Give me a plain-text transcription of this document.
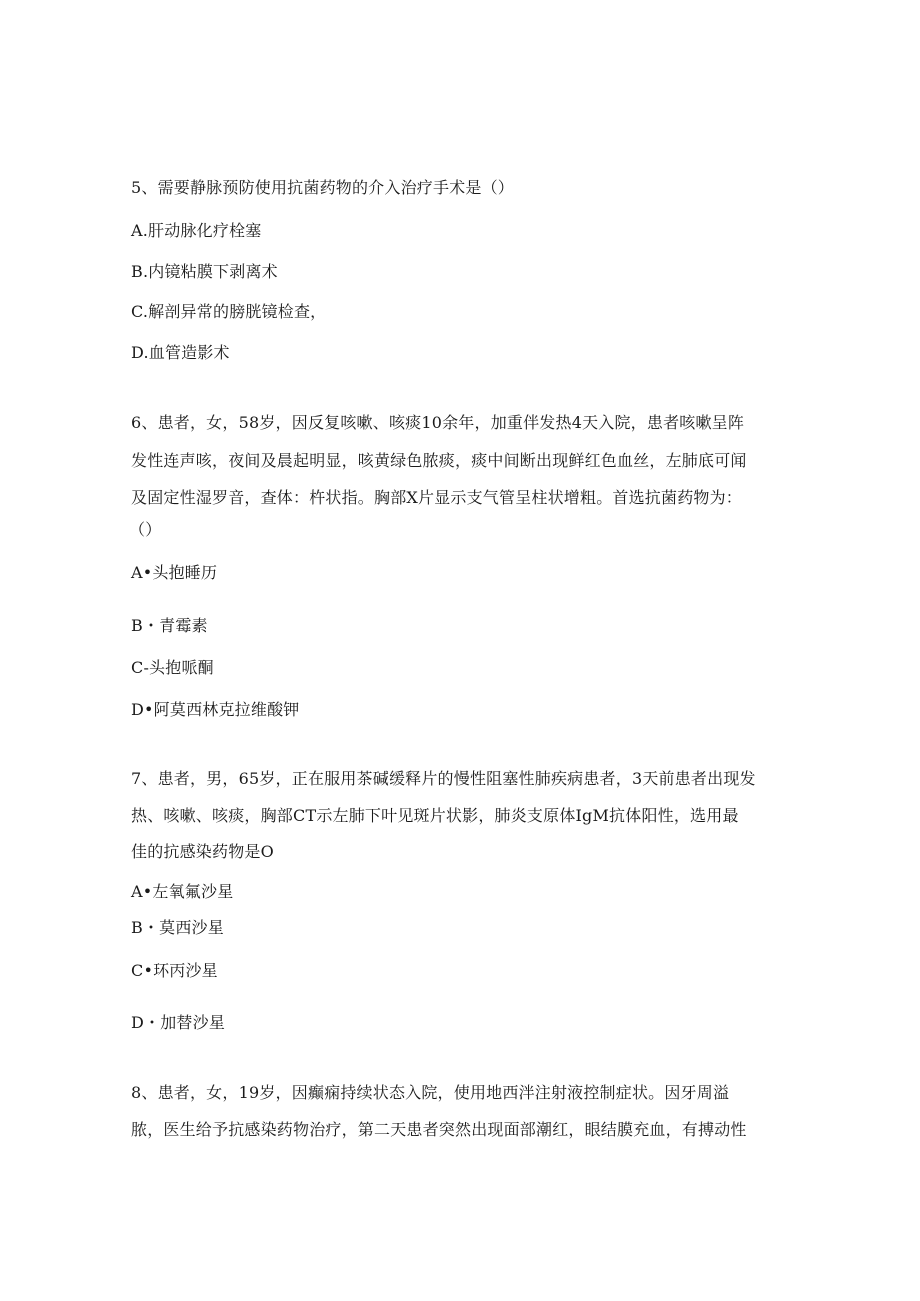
5、需要静脉预防使用抗菌药物的介入治疗手术是（）
A.肝动脉化疗栓塞
B.内镜粘膜下剥离术
C.解剖异常的膀胱镜检查，
D.血管造影术
6、患者，女，58岁，因反复咳嗽、咳痰10余年，加重伴发热4天入院，患者咳嗽呈阵
发性连声咳，夜间及晨起明显，咳黄绿色脓痰，痰中间断出现鲜红色血丝，左肺底可闻
及固定性湿罗音，查体：杵状指。胸部X片显示支气管呈柱状增粗。首选抗菌药物为：
（）
A•头抱睡历
B・青霉素
C-头抱哌酮
D•阿莫西林克拉维酸钾
7、患者，男，65岁，正在服用茶碱缓释片的慢性阻塞性肺疾病患者，3天前患者出现发
热、咳嗽、咳痰，胸部CT示左肺下叶见斑片状影，肺炎支原体IgM抗体阳性，选用最
佳的抗感染药物是O
A•左氧氟沙星
B・莫西沙星
C•环丙沙星
D・加替沙星
8、患者，女，19岁，因癫痫持续状态入院，使用地西泮注射液控制症状。因牙周溢
脓，医生给予抗感染药物治疗，第二天患者突然出现面部潮红，眼结膜充血，有搏动性
